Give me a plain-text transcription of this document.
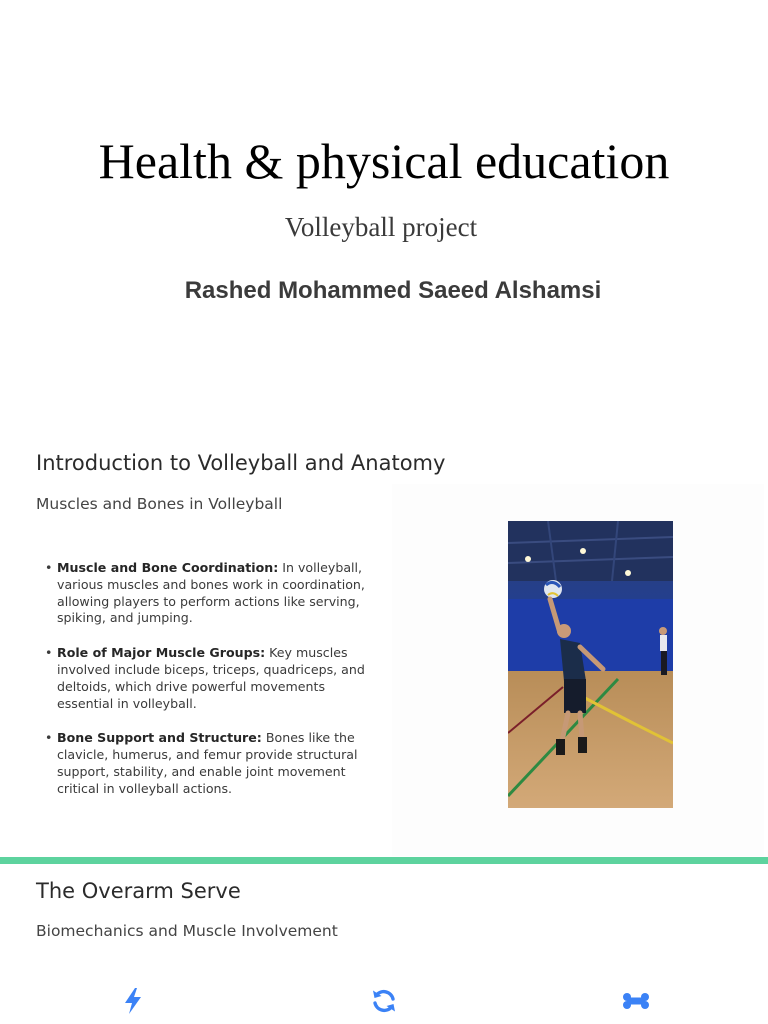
Health & physical education
Volleyball project
Rashed Mohammed Saeed Alshamsi
Introduction to Volleyball and Anatomy
Muscles and Bones in Volleyball
• Muscle and Bone Coordination: In volleyball, various muscles and bones work in coordination, allowing players to perform actions like serving, spiking, and jumping.
• Role of Major Muscle Groups: Key muscles involved include biceps, triceps, quadriceps, and deltoids, which drive powerful movements essential in volleyball.
• Bone Support and Structure: Bones like the clavicle, humerus, and femur provide structural support, stability, and enable joint movement critical in volleyball actions.
The Overarm Serve
Biomechanics and Muscle Involvement
